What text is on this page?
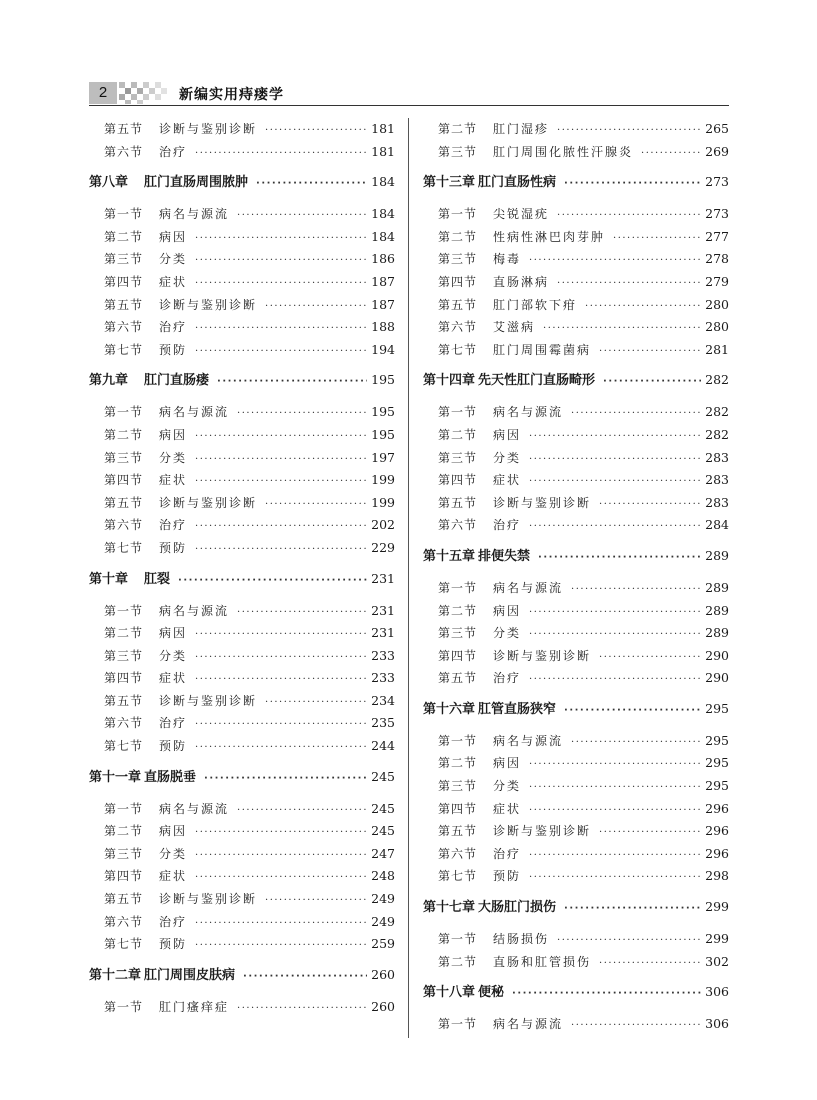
2	新编实用痔瘘学
第五节	诊断与鉴别诊断 ·····	181
第六节	治疗 ·····	181
第八章	肛门直肠周围脓肿 ·····	184
第一节	病名与源流 ·····	184
第二节	病因 ·····	184
第三节	分类 ·····	186
第四节	症状 ·····	187
第五节	诊断与鉴别诊断 ·····	187
第六节	治疗 ·····	188
第七节	预防 ·····	194
第九章	肛门直肠瘘 ·····	195
第一节	病名与源流 ·····	195
第二节	病因 ·····	195
第三节	分类 ·····	197
第四节	症状 ·····	199
第五节	诊断与鉴别诊断 ·····	199
第六节	治疗 ·····	202
第七节	预防 ·····	229
第十章	肛裂 ·····	231
第一节	病名与源流 ·····	231
第二节	病因 ·····	231
第三节	分类 ·····	233
第四节	症状 ·····	233
第五节	诊断与鉴别诊断 ·····	234
第六节	治疗 ·····	235
第七节	预防 ·····	244
第十一章 直肠脱垂 ·····	245
第一节	病名与源流 ·····	245
第二节	病因 ·····	245
第三节	分类 ·····	247
第四节	症状 ·····	248
第五节	诊断与鉴别诊断 ·····	249
第六节	治疗 ·····	249
第七节	预防 ·····	259
第十二章 肛门周围皮肤病 ·····	260
第一节	肛门瘙痒症 ·····	260
第二节	肛门湿疹 ·····	265
第三节	肛门周围化脓性汗腺炎 ·····	269
第十三章 肛门直肠性病 ·····	273
第一节	尖锐湿疣 ·····	273
第二节	性病性淋巴肉芽肿 ·····	277
第三节	梅毒 ·····	278
第四节	直肠淋病 ·····	279
第五节	肛门部软下疳 ·····	280
第六节	艾滋病 ·····	280
第七节	肛门周围霉菌病 ·····	281
第十四章 先天性肛门直肠畸形 ·····	282
第一节	病名与源流 ·····	282
第二节	病因 ·····	282
第三节	分类 ·····	283
第四节	症状 ·····	283
第五节	诊断与鉴别诊断 ·····	283
第六节	治疗 ·····	284
第十五章 排便失禁 ·····	289
第一节	病名与源流 ·····	289
第二节	病因 ·····	289
第三节	分类 ·····	289
第四节	诊断与鉴别诊断 ·····	290
第五节	治疗 ·····	290
第十六章 肛管直肠狭窄 ·····	295
第一节	病名与源流 ·····	295
第二节	病因 ·····	295
第三节	分类 ·····	295
第四节	症状 ·····	296
第五节	诊断与鉴别诊断 ·····	296
第六节	治疗 ·····	296
第七节	预防 ·····	298
第十七章 大肠肛门损伤 ·····	299
第一节	结肠损伤 ·····	299
第二节	直肠和肛管损伤 ·····	302
第十八章 便秘 ·····	306
第一节	病名与源流 ·····	306
